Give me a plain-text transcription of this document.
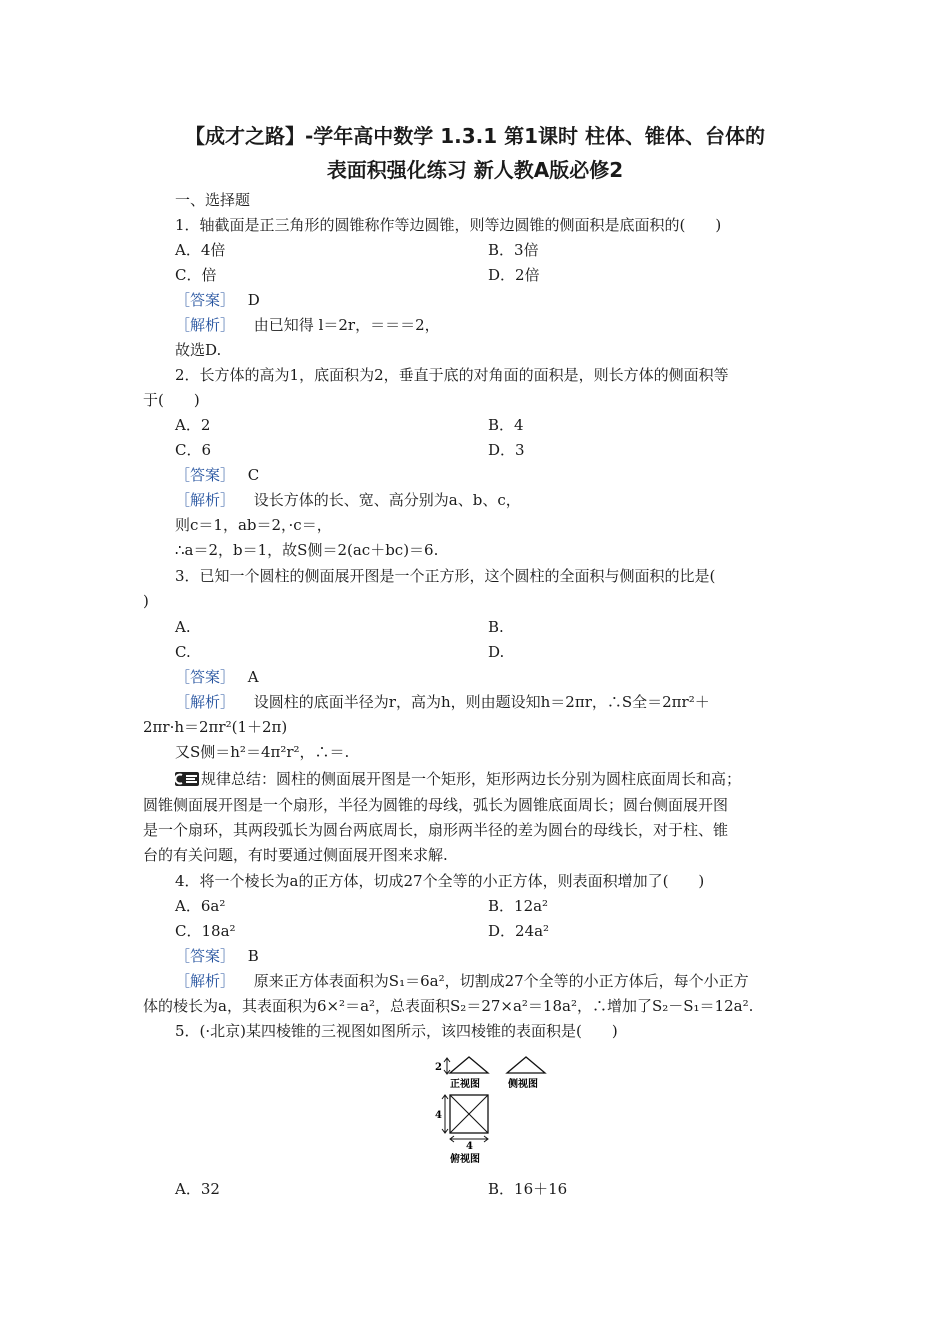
【成才之路】-学年高中数学 1.3.1 第1课时 柱体、锥体、台体的
表面积强化练习 新人教A版必修2
一、选择题
1．轴截面是正三角形的圆锥称作等边圆锥，则等边圆锥的侧面积是底面积的(　　)
A．4倍	B．3倍
C．倍	D．2倍
［答案］ D
［解析］ 由已知得 l＝2r，＝＝＝2，
故选D.
2．长方体的高为1，底面积为2，垂直于底的对角面的面积是，则长方体的侧面积等
于(　　)
A．2	B．4
C．6	D．3
［答案］ C
［解析］ 设长方体的长、宽、高分别为a、b、c，
则c＝1，ab＝2，·c＝，
∴a＝2，b＝1，故S侧＝2(ac＋bc)＝6.
3．已知一个圆柱的侧面展开图是一个正方形，这个圆柱的全面积与侧面积的比是(
)
A.	B.
C.	D.
［答案］ A
［解析］ 设圆柱的底面半径为r，高为h，则由题设知h＝2πr，∴S全＝2πr²＋
2πr·h＝2πr²(1＋2π)
又S侧＝h²＝4π²r²，∴＝.
规律总结：圆柱的侧面展开图是一个矩形，矩形两边长分别为圆柱底面周长和高；
圆锥侧面展开图是一个扇形，半径为圆锥的母线，弧长为圆锥底面周长；圆台侧面展开图
是一个扇环，其两段弧长为圆台两底周长，扇形两半径的差为圆台的母线长，对于柱、锥
台的有关问题，有时要通过侧面展开图来求解.
4．将一个棱长为a的正方体，切成27个全等的小正方体，则表面积增加了(　　)
A．6a²	B．12a²
C．18a²	D．24a²
［答案］ B
［解析］ 原来正方体表面积为S₁＝6a²，切割成27个全等的小正方体后，每个小正方
体的棱长为a，其表面积为6×²＝a²，总表面积S₂＝27×a²＝18a²，∴增加了S₂－S₁＝12a².
5．(·北京)某四棱锥的三视图如图所示，该四棱锥的表面积是(　　)
2
正视图	侧视图
4
4
俯视图
A．32	B．16＋16
